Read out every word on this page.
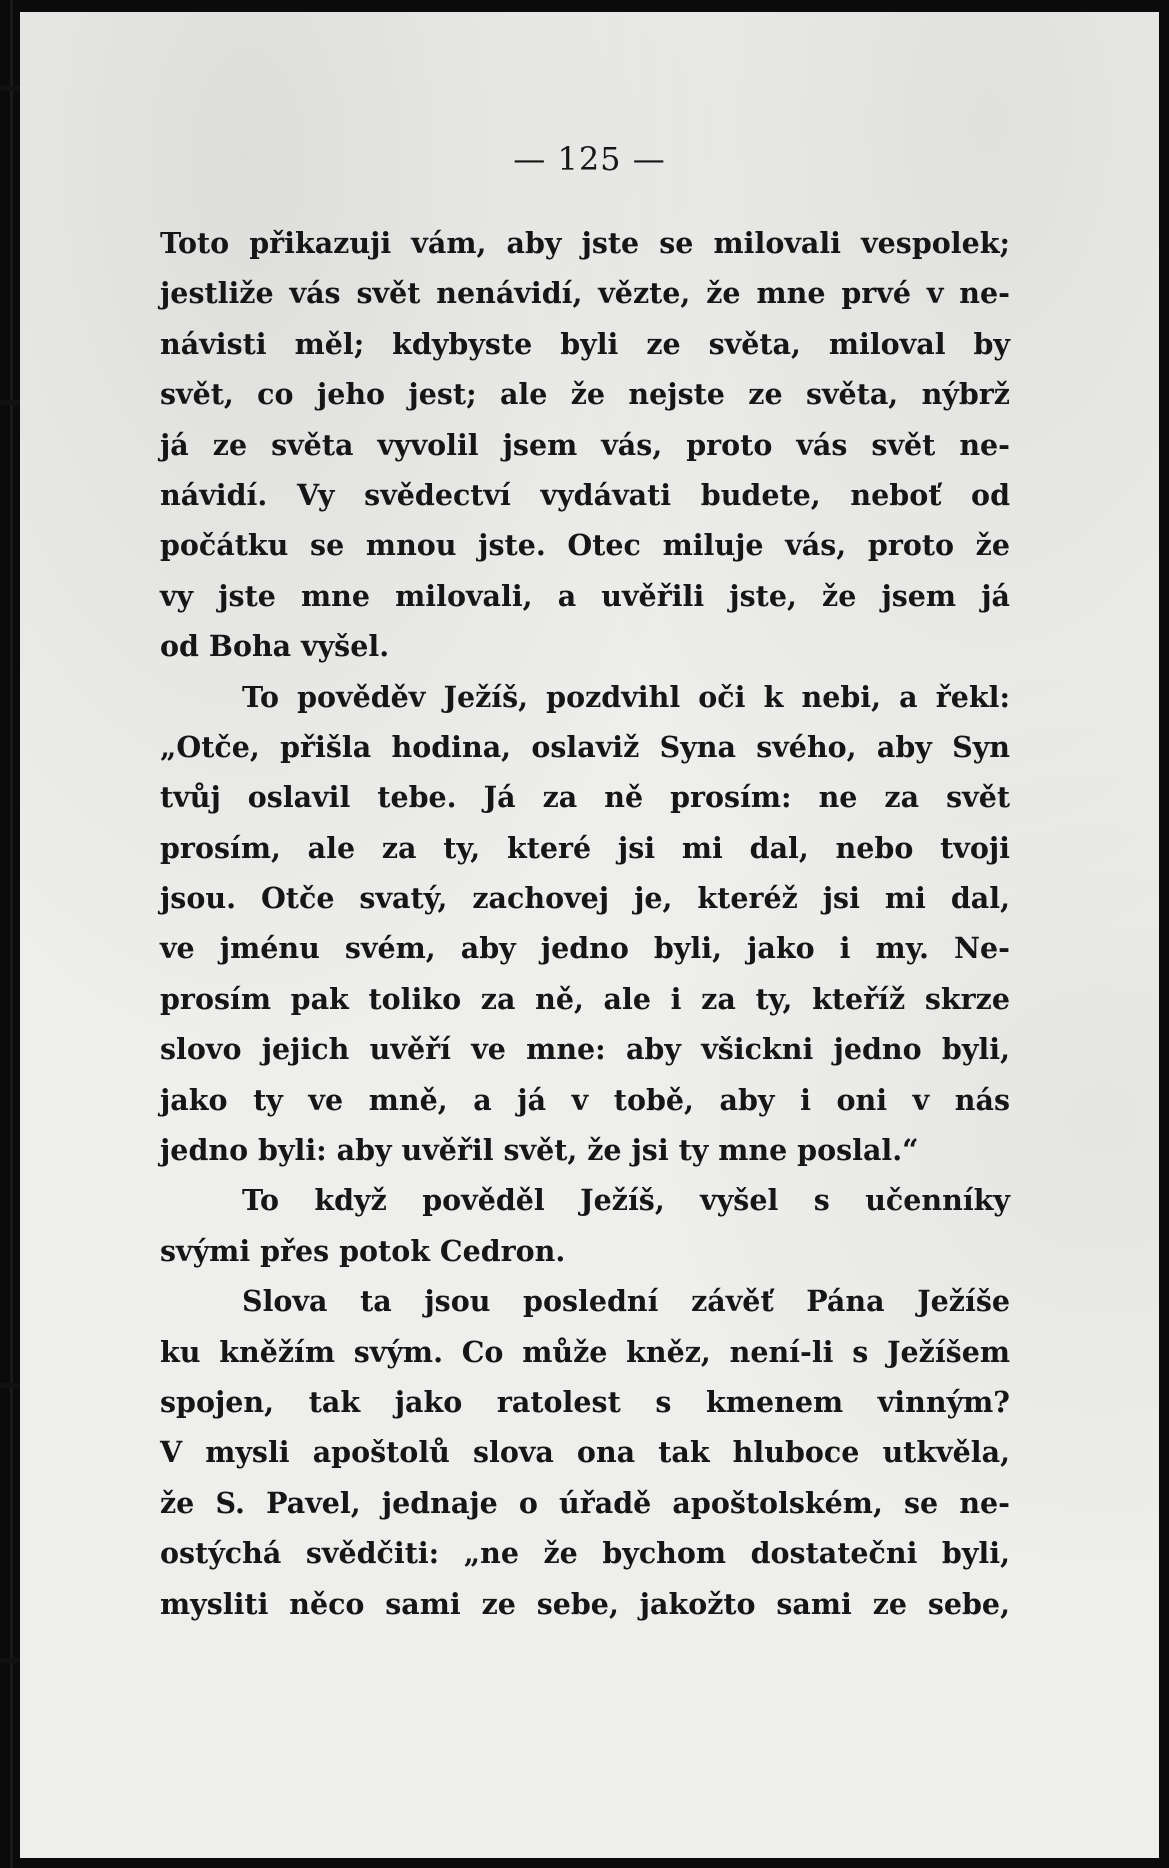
— 125 —

Toto přikazuji vám, aby jste se milovali vespolek;
jestliže vás svět nenávidí, vězte, že mne prvé v ne-
návisti měl; kdybyste byli ze světa, miloval by
svět, co jeho jest; ale že nejste ze světa, nýbrž
já ze světa vyvolil jsem vás, proto vás svět ne-
návidí. Vy svědectví vydávati budete, neboť od
počátku se mnou jste. Otec miluje vás, proto že
vy jste mne milovali, a uvěřili jste, že jsem já
od Boha vyšel.
To pověděv Ježíš, pozdvihl oči k nebi, a řekl:
„Otče, přišla hodina, oslaviž Syna svého, aby Syn
tvůj oslavil tebe. Já za ně prosím: ne za svět
prosím, ale za ty, které jsi mi dal, nebo tvoji
jsou. Otče svatý, zachovej je, kteréž jsi mi dal,
ve jménu svém, aby jedno byli, jako i my. Ne-
prosím pak toliko za ně, ale i za ty, kteříž skrze
slovo jejich uvěří ve mne: aby všickni jedno byli,
jako ty ve mně, a já v tobě, aby i oni v nás
jedno byli: aby uvěřil svět, že jsi ty mne poslal.“
To když pověděl Ježíš, vyšel s učenníky
svými přes potok Cedron.
Slova ta jsou poslední závěť Pána Ježíše
ku kněžím svým. Co může kněz, není-li s Ježíšem
spojen, tak jako ratolest s kmenem vinným?
V mysli apoštolů slova ona tak hluboce utkvěla,
že S. Pavel, jednaje o úřadě apoštolském, se ne-
ostýchá svědčiti: „ne že bychom dostatečni byli,
mysliti něco sami ze sebe, jakožto sami ze sebe,
